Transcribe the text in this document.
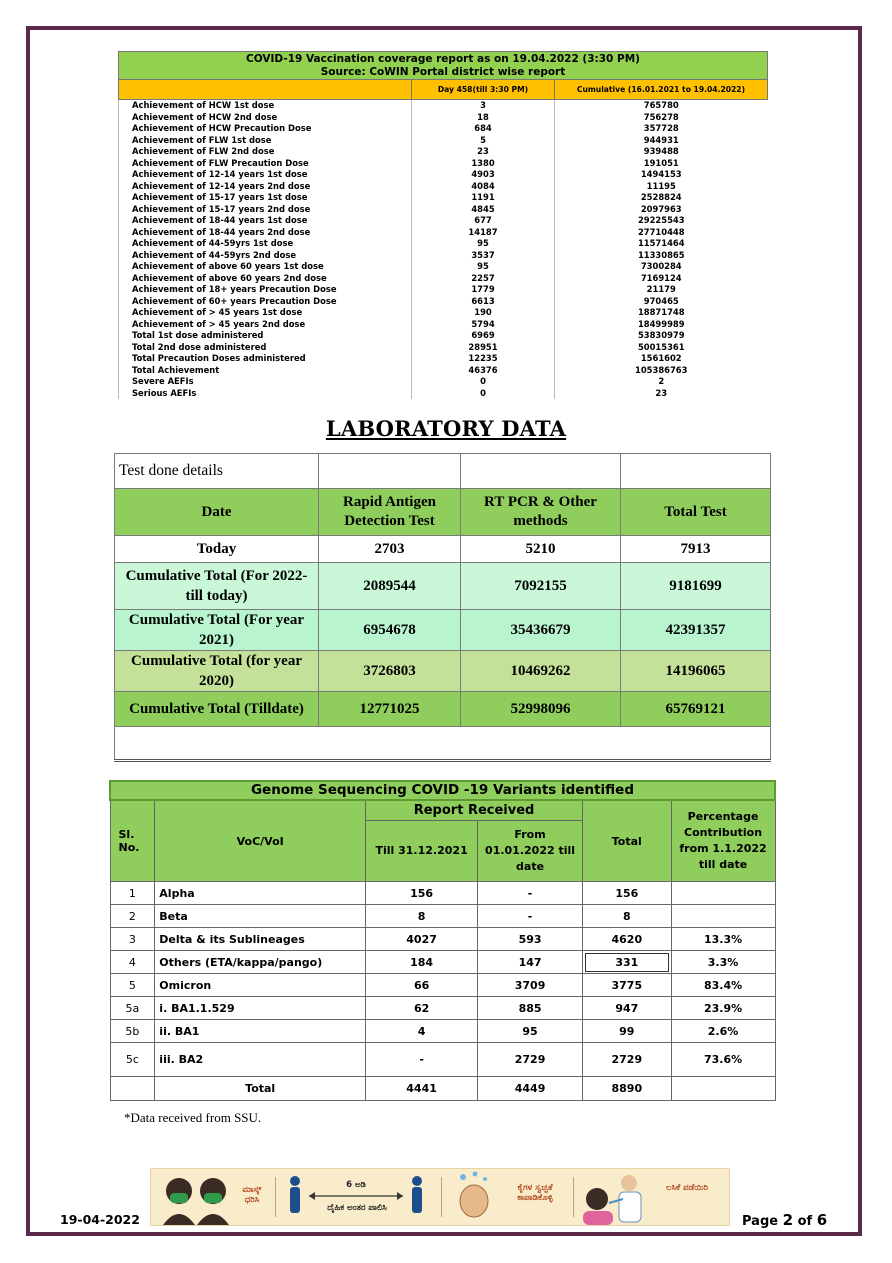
COVID-19 Vaccination coverage report as on 19.04.2022 (3:30 PM)
Source: CoWIN Portal district wise report		

	Day 458(till 3:30 PM)	Cumulative (16.01.2021 to 19.04.2022)
Achievement of HCW 1st dose	3	765780
Achievement of HCW 2nd dose	18	756278
Achievement of HCW Precaution Dose	684	357728
Achievement of FLW 1st dose	5	944931
Achievement of FLW 2nd dose	23	939488
Achievement of FLW Precaution Dose	1380	191051
Achievement of 12-14 years 1st dose	4903	1494153
Achievement of 12-14 years 2nd dose	4084	11195
Achievement of 15-17 years 1st dose	1191	2528824
Achievement of 15-17 years 2nd dose	4845	2097963
Achievement of 18-44 years 1st dose	677	29225543
Achievement of 18-44 years 2nd dose	14187	27710448
Achievement of 44-59yrs 1st dose	95	11571464
Achievement of 44-59yrs 2nd dose	3537	11330865
Achievement of above 60 years 1st dose	95	7300284
Achievement of above 60 years 2nd dose	2257	7169124
Achievement of 18+ years Precaution Dose	1779	21179
Achievement of 60+ years Precaution Dose	6613	970465
Achievement of > 45 years 1st dose	190	18871748
Achievement of > 45 years 2nd dose	5794	18499989
Total 1st dose administered	6969	53830979
Total 2nd dose administered	28951	50015361
Total Precaution Doses administered	12235	1561602
Total Achievement	46376	105386763
Severe AEFIs	0	2
Serious AEFIs	0	23
LABORATORY DATA
Test done details			
Date	Rapid Antigen Detection Test	RT PCR & Other methods	Total Test
Today	2703	5210	7913
Cumulative Total (For 2022- till today)	2089544	7092155	9181699
Cumulative Total (For year 2021)	6954678	35436679	42391357
Cumulative Total (for year 2020)	3726803	10469262	14196065
Cumulative Total (Tilldate)	12771025	52998096	65769121

Genome Sequencing COVID -19 Variants identified					
Sl. No.	VoC/VoI	Report Received		Total	Percentage Contribution from 1.1.2022 till date
		Till 31.12.2021	From 01.01.2022 till date		
1	Alpha	156	-	156	
2	Beta	8	-	8	
3	Delta & its Sublineages	4027	593	4620	13.3%
4	Others (ETA/kappa/pango)	184	147	331	3.3%
5	Omicron	66	3709	3775	83.4%
5a	i. BA1.1.529	62	885	947	23.9%
5b	ii. BA1	4	95	99	2.6%
5c	iii. BA2	-	2729	2729	73.6%
	Total	4441	4449	8890	
*Data received from SSU.
ಮಾಸ್ಕ್ ಧರಿಸಿ
6 ಅಡಿ
ದೈಹಿಕ ಅಂತರ ಪಾಲಿಸಿ
ಕೈಗಳ ಸ್ವಚ್ಛತೆ ಕಾಪಾಡಿಕೊಳ್ಳಿ
ಲಸಿಕೆ ಪಡೆಯಿರಿ
19-04-2022	Page 2 of 6
